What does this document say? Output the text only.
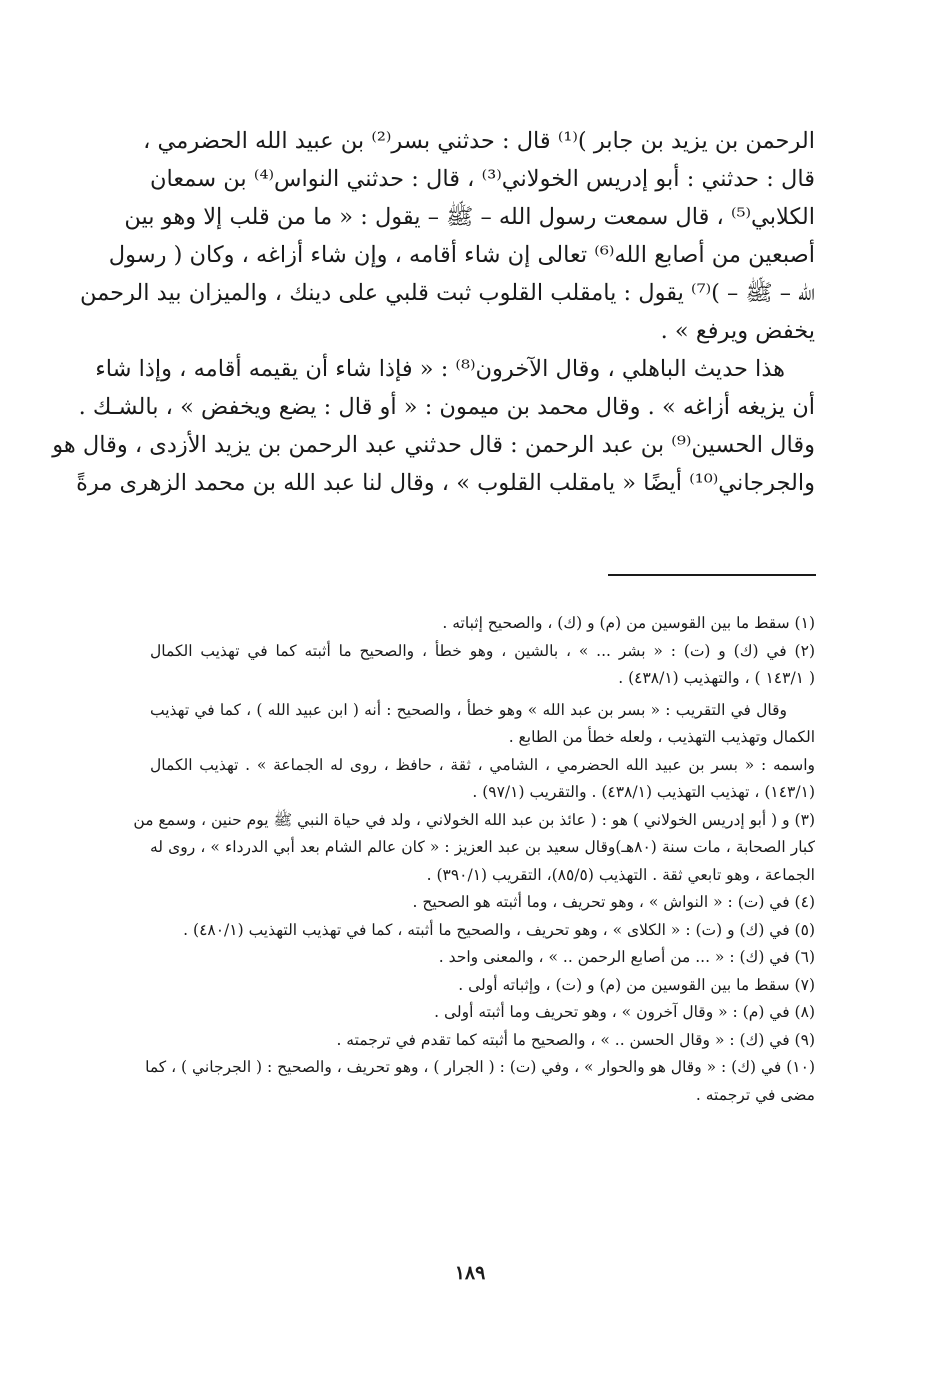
الرحمن بن يزيد بن جابر )⁽¹⁾ قال : حدثني بسر⁽²⁾ بن عبيد الله الحضرمي ،
قال : حدثني : أبو إدريس الخولاني⁽³⁾ ، قال : حدثني النواس⁽⁴⁾ بن سمعان
الكلابي⁽⁵⁾ ، قال سمعت رسول الله – ﷺ – يقول : « ما من قلب إلا وهو بين
أصبعين من أصابع الله⁽⁶⁾ تعالى إن شاء أقامه ، وإن شاء أزاغه ، وكان ( رسول
الله – ﷺ – )⁽⁷⁾ يقول : يامقلب القلوب ثبت قلبي على دينك ، والميزان بيد الرحمن
يخفض ويرفع » .
هذا حديث الباهلي ، وقال الآخرون⁽⁸⁾ : « فإذا شاء أن يقيمه أقامه ، وإذا شاء
أن يزيغه أزاغه » . وقال محمد بن ميمون : « أو قال : يضع ويخفض » ، بالشـك .
وقال الحسين⁽⁹⁾ بن عبد الرحمن : قال حدثني عبد الرحمن بن يزيد الأزدى ، وقال هو
والجرجاني⁽¹⁰⁾ أيضًا « يامقلب القلوب » ، وقال لنا عبد الله بن محمد الزهرى مرةً
(١) سقط ما بين القوسين من (م) و (ك) ، والصحيح إثباته .
(٢) في (ك) و (ت) : « بشر ... » ، بالشين ، وهو خطأ ، والصحيح ما أثبته كما في تهذيب الكمال
( ١٤٣/١ ) ، والتهذيب (٤٣٨/١) .
وقال في التقريب : « بسر بن عبد الله » وهو خطأ ، والصحيح : أنه ( ابن عبيد الله ) ، كما في تهذيب
الكمال وتهذيب التهذيب ، ولعله خطأ من الطابع .
واسمه : « بسر بن عبيد الله الحضرمي ، الشامي ، ثقة ، حافظ ، روى له الجماعة » . تهذيب الكمال
(١٤٣/١) ، تهذيب التهذيب (٤٣٨/١) . والتقريب (٩٧/١) .
(٣) و ( أبو إدريس الخولاني ) هو : ( عائذ بن عبد الله الخولاني ، ولد في حياة النبي ﷺ يوم حنين ، وسمع من
كبار الصحابة ، مات سنة (٨٠هـ)وقال سعيد بن عبد العزيز : « كان عالم الشام بعد أبي الدرداء » ، روى له
الجماعة ، وهو تابعي ثقة . التهذيب (٨٥/٥)، التقريب (٣٩٠/١) .
(٤) في (ت) : « النواش » ، وهو تحريف ، وما أثبته هو الصحيح .
(٥) في (ك) و (ت) : « الكلاى » ، وهو تحريف ، والصحيح ما أثبته ، كما في تهذيب التهذيب (٤٨٠/١) .
(٦) في (ك) : « ... من أصابع الرحمن .. » ، والمعنى واحد .
(٧) سقط ما بين القوسين من (م) و (ت) ، وإثباته أولى .
(٨) في (م) : « وقال آخرون » ، وهو تحريف وما أثبته أولى .
(٩) في (ك) : « وقال الحسن .. » ، والصحيح ما أثبته كما تقدم في ترجمته .
(١٠) في (ك) : « وقال هو والحوار » ، وفي (ت) : ( الجرار ) ، وهو تحريف ، والصحيح : ( الجرجاني ) ، كما
مضى في ترجمته .
١٨٩
